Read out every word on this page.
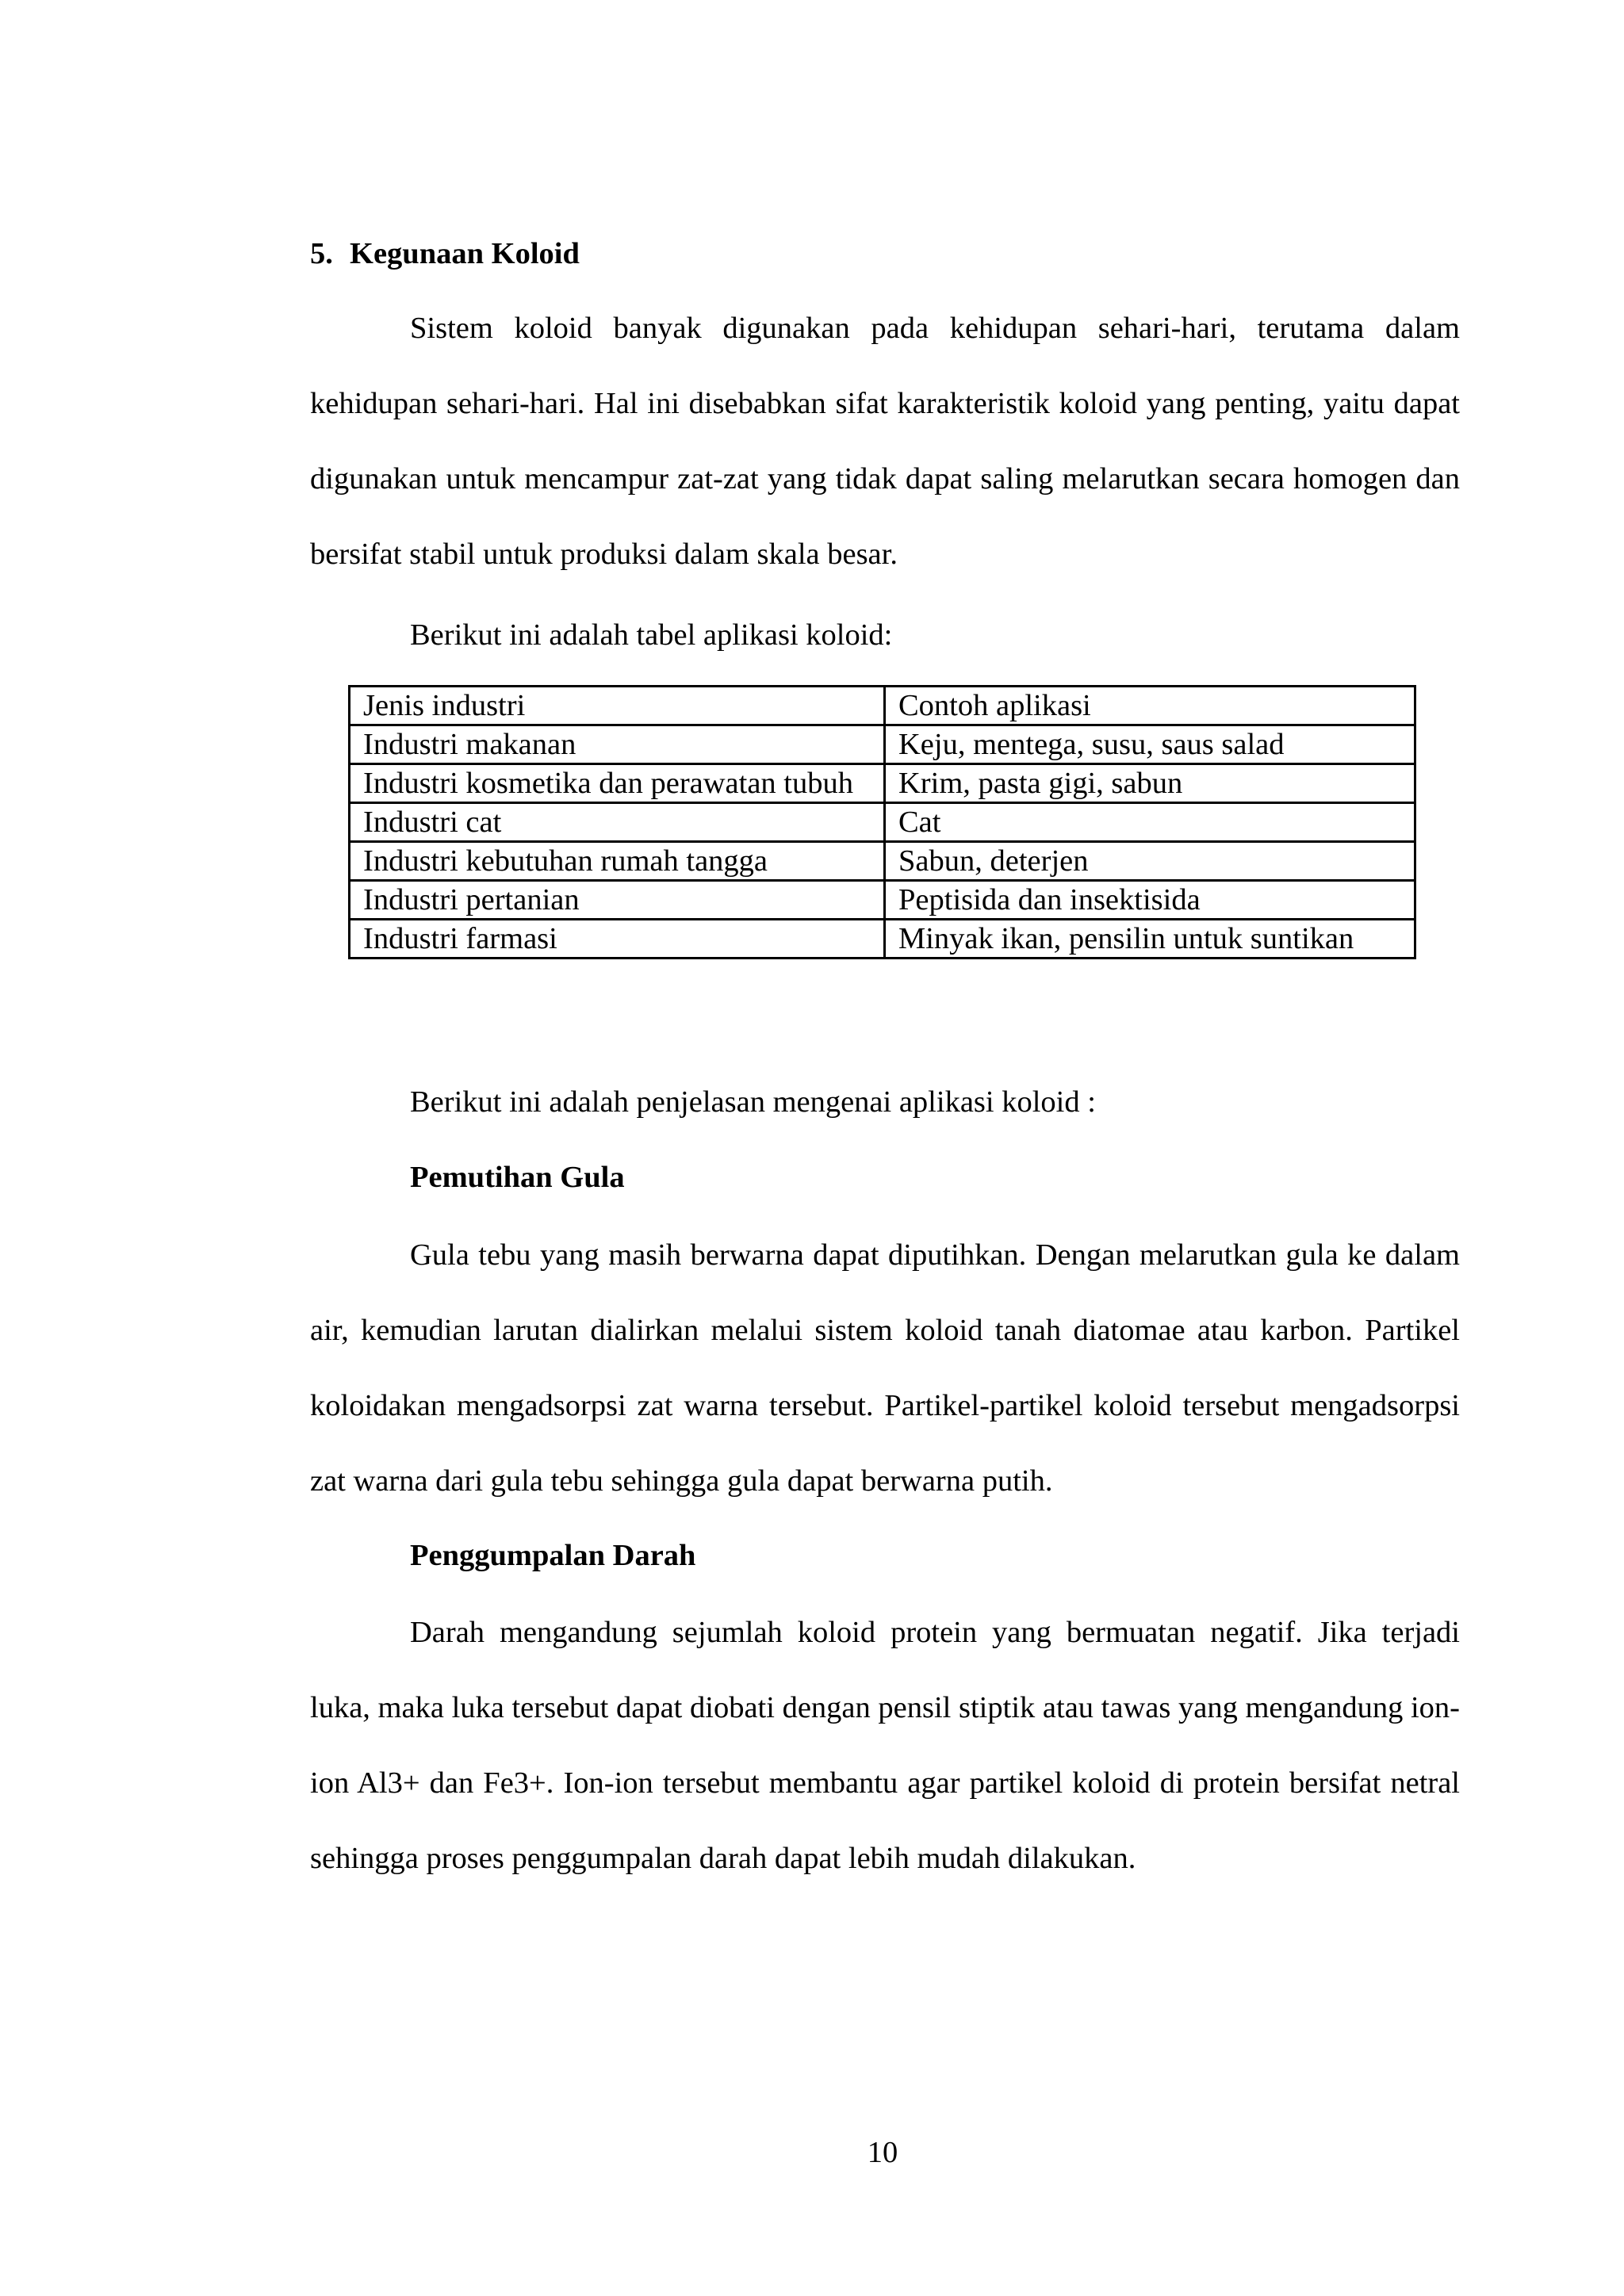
5. Kegunaan Koloid

Sistem koloid banyak digunakan pada kehidupan sehari-hari, terutama dalam kehidupan sehari-hari. Hal ini disebabkan sifat karakteristik koloid yang penting, yaitu dapat digunakan untuk mencampur zat-zat yang tidak dapat saling melarutkan secara homogen dan bersifat stabil untuk produksi dalam skala besar.

Berikut ini adalah tabel aplikasi koloid:
Jenis industri	Contoh aplikasi
Industri makanan	Keju, mentega, susu, saus salad

Industri kosmetika dan perawatan tubuh	Krim, pasta gigi, sabun
Industri cat	Cat
Industri kebutuhan rumah tangga	Sabun, deterjen
Industri pertanian	Peptisida dan insektisida
Industri farmasi	Minyak ikan, pensilin untuk suntikan
Berikut ini adalah penjelasan mengenai aplikasi koloid :
Pemutihan Gula

Gula tebu yang masih berwarna dapat diputihkan. Dengan melarutkan gula ke dalam air, kemudian larutan dialirkan melalui sistem koloid tanah diatomae atau karbon. Partikel koloidakan mengadsorpsi zat warna tersebut. Partikel-partikel koloid tersebut mengadsorpsi zat warna dari gula tebu sehingga gula dapat berwarna putih.

Penggumpalan Darah

Darah mengandung sejumlah koloid protein yang bermuatan negatif. Jika terjadi luka, maka luka tersebut dapat diobati dengan pensil stiptik atau tawas yang mengandung ion-ion Al3+ dan Fe3+. Ion-ion tersebut membantu agar partikel koloid di protein bersifat netral sehingga proses penggumpalan darah dapat lebih mudah dilakukan.

10
